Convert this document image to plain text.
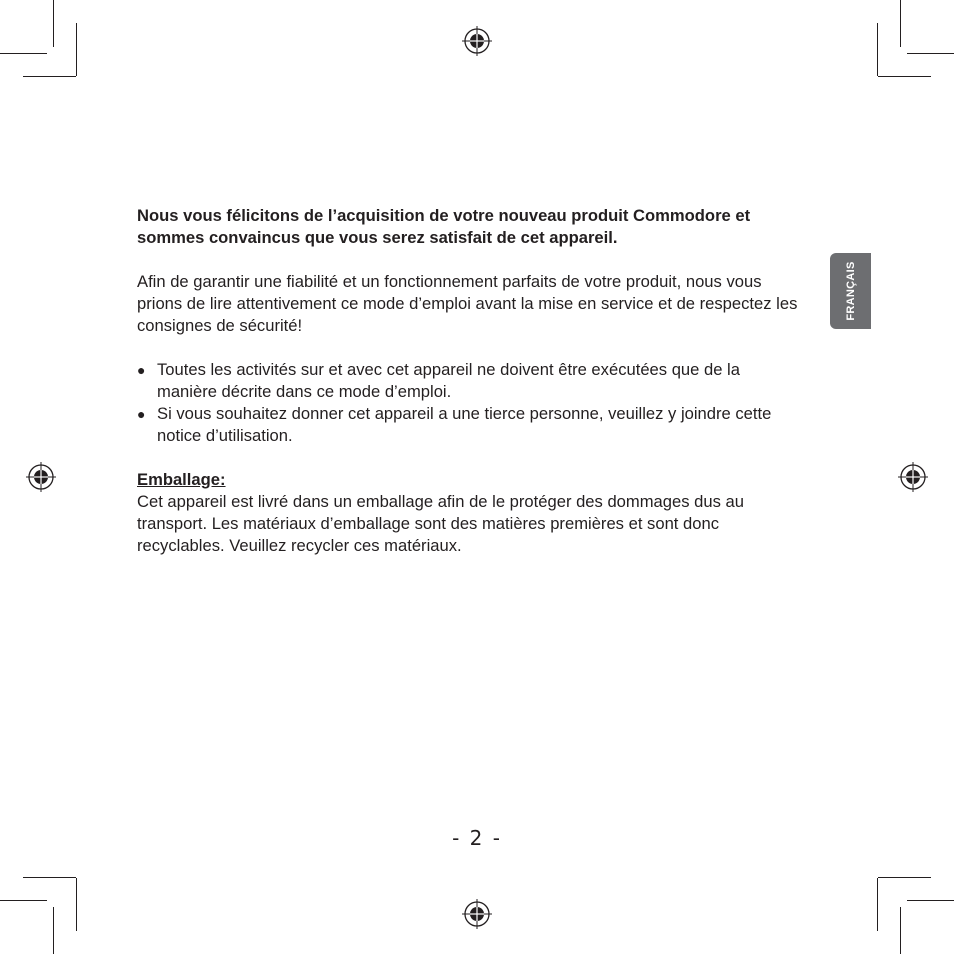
Nous vous félicitons de l’acquisition de votre nouveau produit Commodore et sommes convaincus que vous serez satisfait de cet appareil.

Afin de garantir une fiabilité et un fonctionnement parfaits de votre produit, nous vous prions de lire attentivement ce mode d’emploi avant la mise en service et de respectez les consignes de sécurité!

● Toutes les activités sur et avec cet appareil ne doivent être exécutées que de la manière décrite dans ce mode d’emploi.
● Si vous souhaitez donner cet appareil a une tierce personne, veuillez y joindre cette notice d’utilisation.

Emballage:

Cet appareil est livré dans un emballage afin de le protéger des dommages dus au transport. Les matériaux d’emballage sont des matières premières et sont donc recyclables. Veuillez recycler ces matériaux.

FRANÇAIS
- 2 -
